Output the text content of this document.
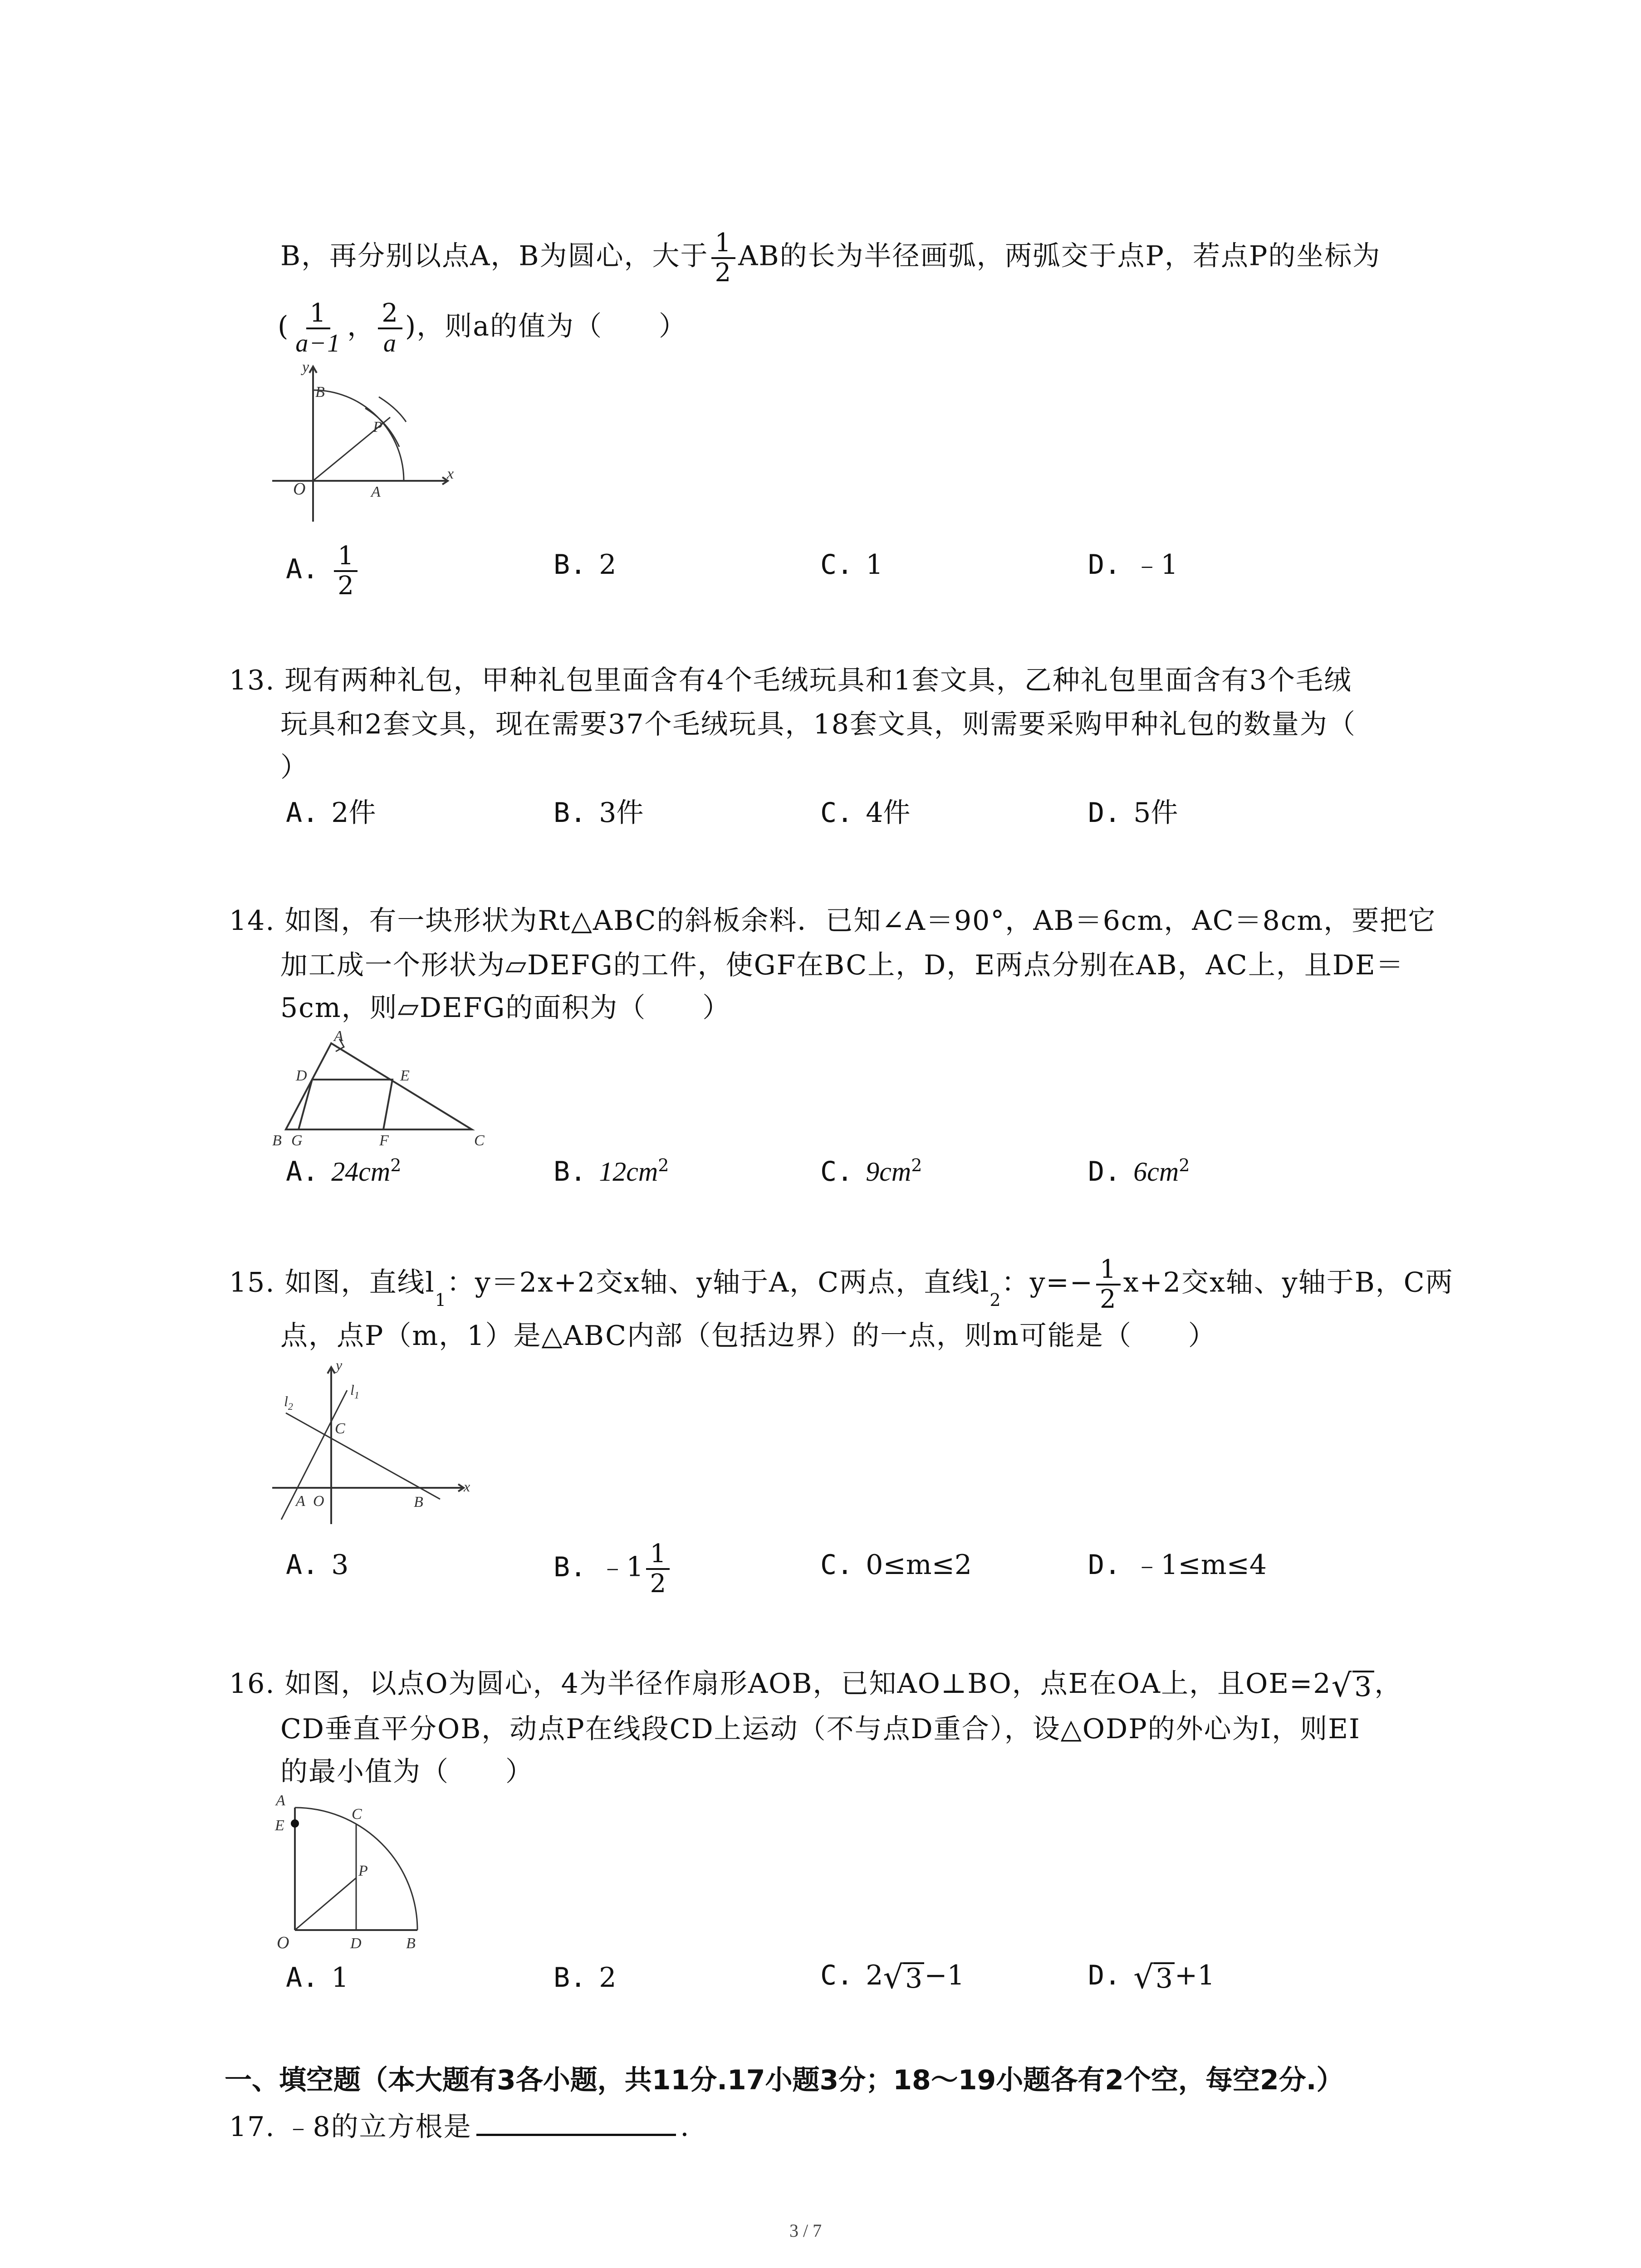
B，再分别以点A，B为圆心，大于 $\frac{1}{2}$ AB的长为半径画弧，两弧交于点P，若点P的坐标为
( $\frac{1}{a-1}$ ， $\frac{2}{a}$ )，则a的值为（　　）
y
x
B
P
O	A
A. $\frac{1}{2}$	B. 2	C. 1	D. ﹣1
13. 现有两种礼包，甲种礼包里面含有4个毛绒玩具和1套文具，乙种礼包里面含有3个毛绒
玩具和2套文具，现在需要37个毛绒玩具，18套文具，则需要采购甲种礼包的数量为（
）
A. 2件	B. 3件	C. 4件	D. 5件
14. 如图，有一块形状为Rt△ABC的斜板余料．已知∠A＝90°，AB＝6cm，AC＝8cm，要把它
加工成一个形状为▱DEFG的工件，使GF在BC上，D，E两点分别在AB，AC上，且DE＝
5cm，则▱DEFG的面积为（　　）
A
D	E
B G	F	C
A. $24cm^2$	B. $12cm^2$	C. $9cm^2$	D. $6cm^2$
15. 如图，直线$l_1$：y＝2x+2交x轴、y轴于A，C两点，直线$l_2$：$y=- \frac{1}{2} x+2$交x轴、y轴于B，C两
点，点P（m，1）是△ABC内部（包括边界）的一点，则m可能是（　　）
$l_2$
$l_1$
y
C
A O	B
x
A. 3	B. ﹣1 $\frac{1}{2}$	C. 0≤m≤2	D. ﹣1≤m≤4
16. 如图，以点O为圆心，4为半径作扇形AOB，已知AO⊥BO，点E在OA上，且OE=2 √ 3 ，
CD垂直平分OB，动点P在线段CD上运动（不与点D重合），设△ODP的外心为I，则EI
的最小值为（　　）
A
E
C
P
O	D	B
A. 1	B. 2	C. 2 √ 3 −1	D. √ 3 +1
一、填空题（本大题有3各小题，共11分.17小题3分；18～19小题各有2个空，每空2分.）
17. ﹣8的立方根是	．
3 / 7
